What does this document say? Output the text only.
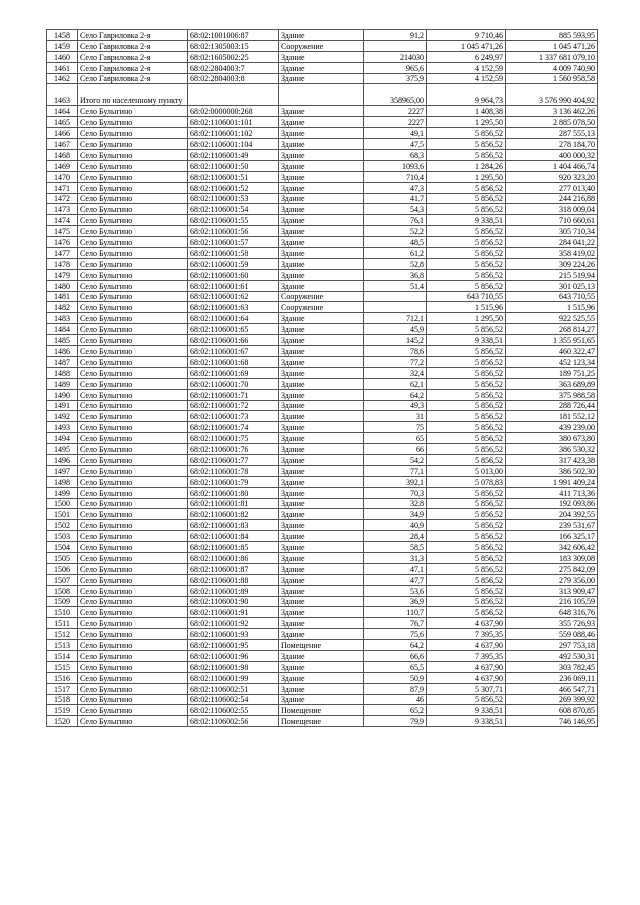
1458	Село Гавриловка 2-я	68:02:1001006:87	Здание	91,2	9 710,46	885 593,95
1459	Село Гавриловка 2-я	68:02:1305003:15	Сооружение		1 045 471,26	1 045 471,26
1460	Село Гавриловка 2-я	68:02:1605002:25	Здание	214030	6 249,97	1 337 681 079,10
1461	Село Гавриловка 2-я	68:02:2804003:7	Здание	965,6	4 152,59	4 009 740,90
1462	Село Гавриловка 2-я	68:02:2804003:8	Здание	375,9	4 152,59	1 560 958,58
1463	Итого по населенному пункту			358965,00	9 964,73	3 576 990 404,92
1464	Село Булыгино	68:02:0000000:268	Здание	2227	1 408,38	3 136 462,26
1465	Село Булыгино	68:02:1106001:101	Здание	2227	1 295,50	2 885 078,50
1466	Село Булыгино	68:02:1106001:102	Здание	49,1	5 856,52	287 555,13
1467	Село Булыгино	68:02:1106001:104	Здание	47,5	5 856,52	278 184,70
1468	Село Булыгино	68:02:1106001:49	Здание	68,3	5 856,52	400 000,32
1469	Село Булыгино	68:02:1106001:50	Здание	1093,6	1 284,26	1 404 466,74
1470	Село Булыгино	68:02:1106001:51	Здание	710,4	1 295,50	920 323,20
1471	Село Булыгино	68:02:1106001:52	Здание	47,3	5 856,52	277 013,40
1472	Село Булыгино	68:02:1106001:53	Здание	41,7	5 856,52	244 216,88
1473	Село Булыгино	68:02:1106001:54	Здание	54,3	5 856,52	318 009,04
1474	Село Булыгино	68:02:1106001:55	Здание	76,1	9 338,51	710 660,61
1475	Село Булыгино	68:02:1106001:56	Здание	52,2	5 856,52	305 710,34
1476	Село Булыгино	68:02:1106001:57	Здание	48,5	5 856,52	284 041,22
1477	Село Булыгино	68:02:1106001:58	Здание	61,2	5 856,52	358 419,02
1478	Село Булыгино	68:02:1106001:59	Здание	52,8	5 856,52	309 224,26
1479	Село Булыгино	68:02:1106001:60	Здание	36,8	5 856,52	215 519,94
1480	Село Булыгино	68:02:1106001:61	Здание	51,4	5 856,52	301 025,13
1481	Село Булыгино	68:02:1106001:62	Сооружение		643 710,55	643 710,55
1482	Село Булыгино	68:02:1106001:63	Сооружение		1 515,96	1 515,96
1483	Село Булыгино	68:02:1106001:64	Здание	712,1	1 295,50	922 525,55
1484	Село Булыгино	68:02:1106001:65	Здание	45,9	5 856,52	268 814,27
1485	Село Булыгино	68:02:1106001:66	Здание	145,2	9 338,51	1 355 951,65
1486	Село Булыгино	68:02:1106001:67	Здание	78,6	5 856,52	460 322,47
1487	Село Булыгино	68:02:1106001:68	Здание	77,2	5 856,52	452 123,34
1488	Село Булыгино	68:02:1106001:69	Здание	32,4	5 856,52	189 751,25
1489	Село Булыгино	68:02:1106001:70	Здание	62,1	5 856,52	363 689,89
1490	Село Булыгино	68:02:1106001:71	Здание	64,2	5 856,52	375 988,58
1491	Село Булыгино	68:02:1106001:72	Здание	49,3	5 856,52	288 726,44
1492	Село Булыгино	68:02:1106001:73	Здание	31	5 856,52	181 552,12
1493	Село Булыгино	68:02:1106001:74	Здание	75	5 856,52	439 239,00
1494	Село Булыгино	68:02:1106001:75	Здание	65	5 856,52	380 673,80
1495	Село Булыгино	68:02:1106001:76	Здание	66	5 856,52	386 530,32
1496	Село Булыгино	68:02:1106001:77	Здание	54,2	5 856,52	317 423,38
1497	Село Булыгино	68:02:1106001:78	Здание	77,1	5 013,00	386 502,30
1498	Село Булыгино	68:02:1106001:79	Здание	392,1	5 078,83	1 991 409,24
1499	Село Булыгино	68:02:1106001:80	Здание	70,3	5 856,52	411 713,36
1500	Село Булыгино	68:02:1106001:81	Здание	32,8	5 856,52	192 093,86
1501	Село Булыгино	68:02:1106001:82	Здание	34,9	5 856,52	204 392,55
1502	Село Булыгино	68:02:1106001:83	Здание	40,9	5 856,52	239 531,67
1503	Село Булыгино	68:02:1106001:84	Здание	28,4	5 856,52	166 325,17
1504	Село Булыгино	68:02:1106001:85	Здание	58,5	5 856,52	342 606,42
1505	Село Булыгино	68:02:1106001:86	Здание	31,3	5 856,52	183 309,08
1506	Село Булыгино	68:02:1106001:87	Здание	47,1	5 856,52	275 842,09
1507	Село Булыгино	68:02:1106001:88	Здание	47,7	5 856,52	279 356,00
1508	Село Булыгино	68:02:1106001:89	Здание	53,6	5 856,52	313 909,47
1509	Село Булыгино	68:02:1106001:90	Здание	36,9	5 856,52	216 105,59
1510	Село Булыгино	68:02:1106001:91	Здание	110,7	5 856,52	648 316,76
1511	Село Булыгино	68:02:1106001:92	Здание	76,7	4 637,90	355 726,93
1512	Село Булыгино	68:02:1106001:93	Здание	75,6	7 395,35	559 088,46
1513	Село Булыгино	68:02:1106001:95	Помещение	64,2	4 637,90	297 753,18
1514	Село Булыгино	68:02:1106001:96	Здание	66,6	7 395,35	492 530,31
1515	Село Булыгино	68:02:1106001:98	Здание	65,5	4 637,90	303 782,45
1516	Село Булыгино	68:02:1106001:99	Здание	50,9	4 637,90	236 069,11
1517	Село Булыгино	68:02:1106002:51	Здание	87,9	5 307,71	466 547,71
1518	Село Булыгино	68:02:1106002:54	Здание	46	5 856,52	269 399,92
1519	Село Булыгино	68:02:1106002:55	Помещение	65,2	9 338,51	608 870,85
1520	Село Булыгино	68:02:1106002:56	Помещение	79,9	9 338,51	746 146,95
